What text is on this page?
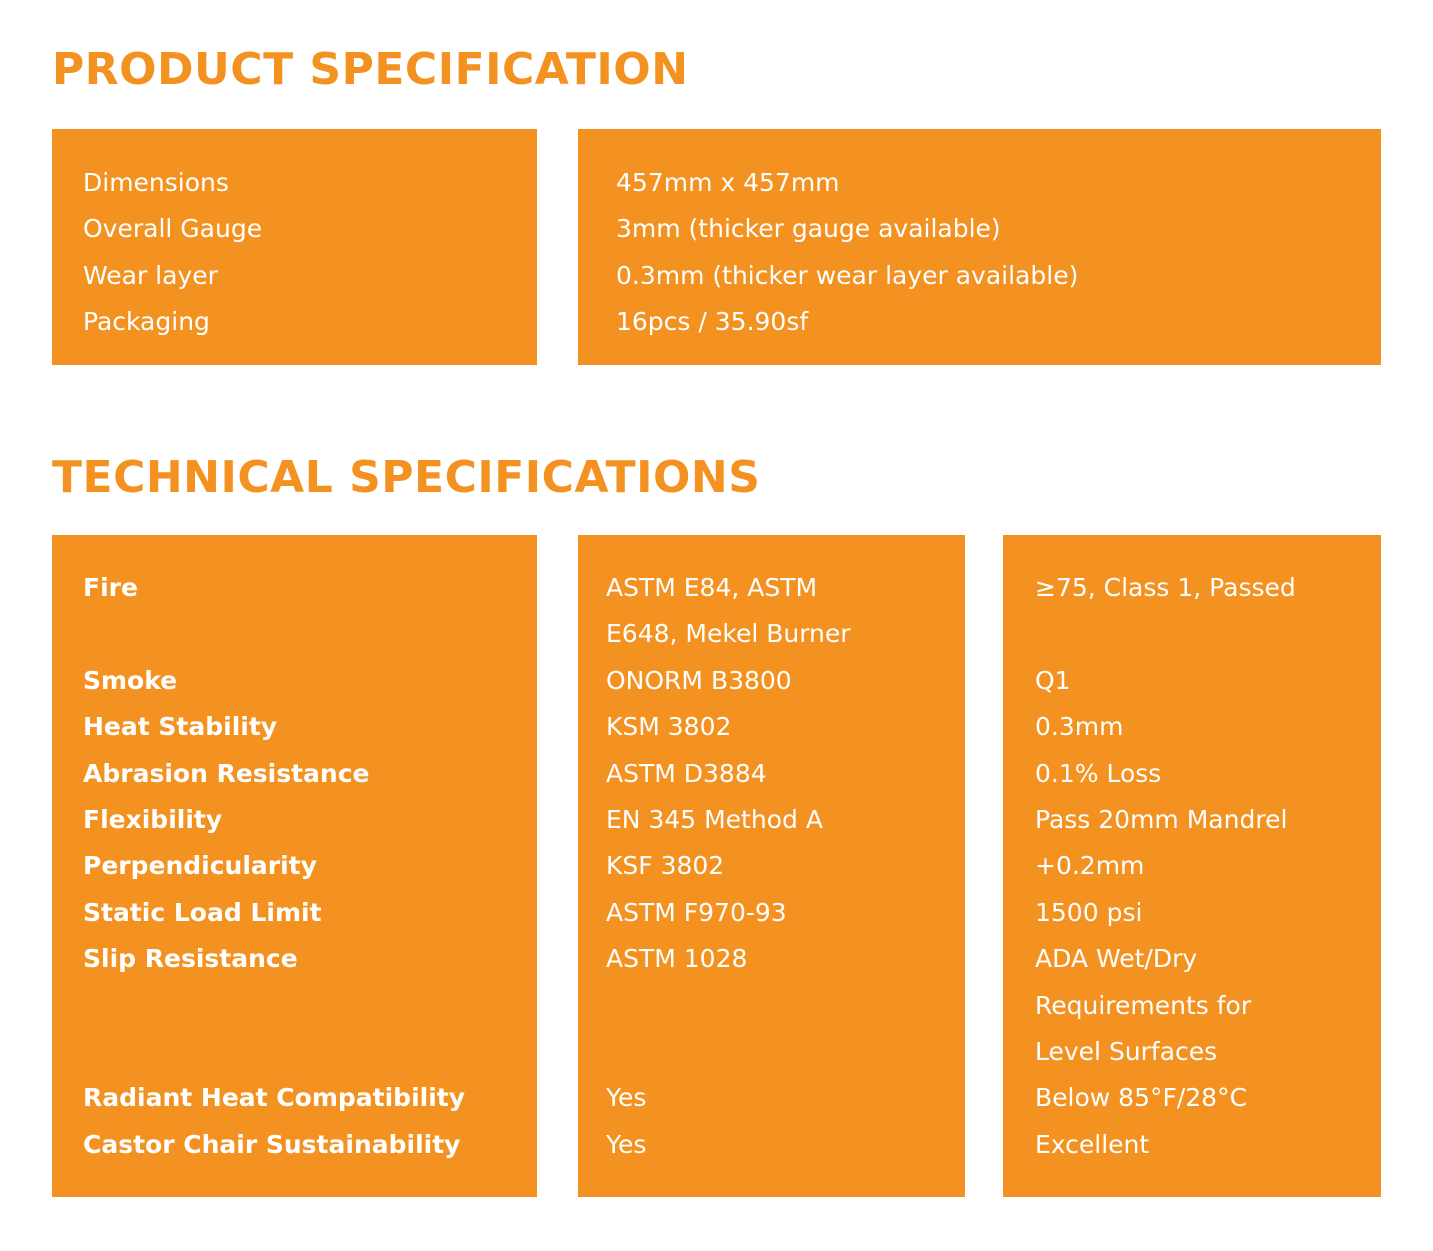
PRODUCT SPECIFICATION
Dimensions
Overall Gauge
Wear layer
Packaging
457mm x 457mm
3mm (thicker gauge available)
0.3mm (thicker wear layer available)
16pcs / 35.90sf
TECHNICAL SPECIFICATIONS
Fire
Smoke
Heat Stability
Abrasion Resistance
Flexibility
Perpendicularity
Static Load Limit
Slip Resistance
Radiant Heat Compatibility
Castor Chair Sustainability
ASTM E84, ASTM
E648, Mekel Burner
ONORM B3800
KSM 3802
ASTM D3884
EN 345 Method A
KSF 3802
ASTM F970-93
ASTM 1028
Yes
Yes
≥75, Class 1, Passed
Q1
0.3mm
0.1% Loss
Pass 20mm Mandrel
+0.2mm
1500 psi
ADA Wet/Dry
Requirements for
Level Surfaces
Below 85°F/28°C
Excellent
